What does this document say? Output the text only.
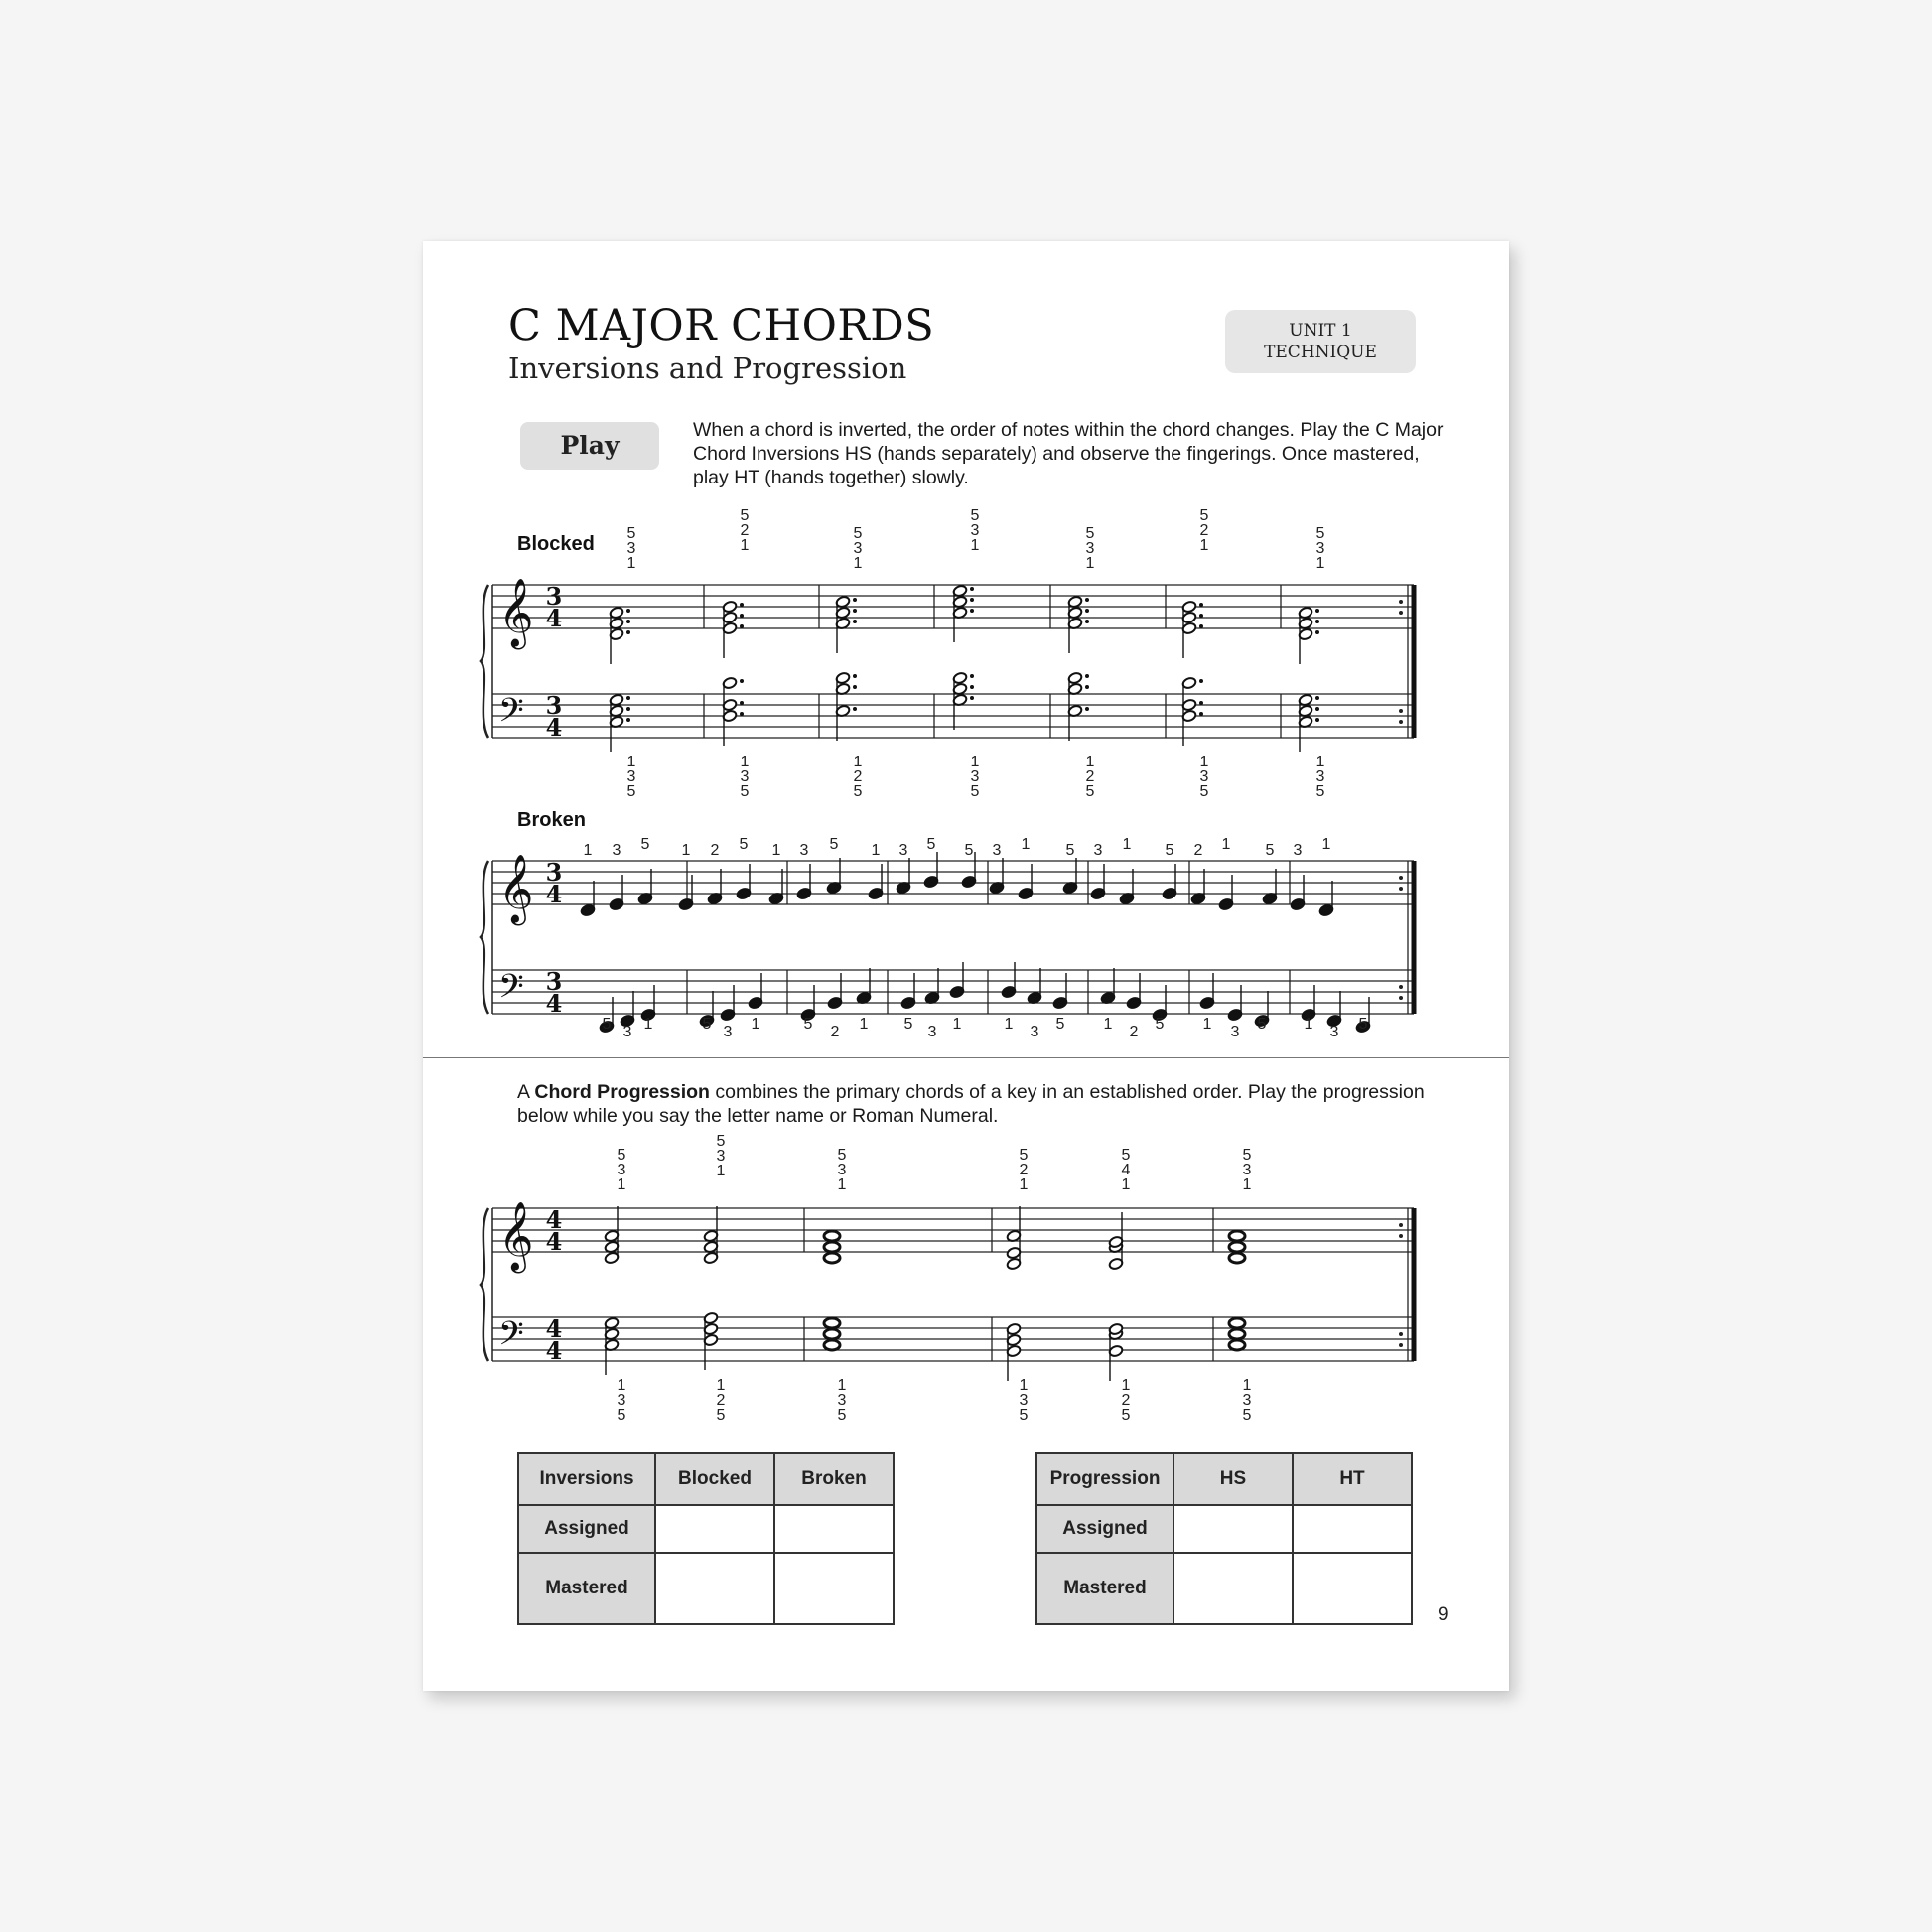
C MAJOR CHORDS
Inversions and Progression
UNIT 1
TECHNIQUE
Play
When a chord is inverted, the order of notes within the chord changes. Play the C Major Chord Inversions HS (hands separately) and observe the fingerings. Once mastered, play HT (hands together) slowly.
Blocked
Broken
𝄞
𝄢
3
4
3
4
𝄞
𝄢
3
4
3
4
𝄞
𝄢
4
4
4
4
5
3
1
1
3
5
5
2
1
1
3
5
5
3
1
1
2
5
5
3
1
1
3
5
5
3
1
1
2
5
5
2
1
1
3
5
5
3
1
1
3
5
1 3 5 1 2 5 1 3 5 1 3 5 5 3 1 5 3 1 5 2 1 5 3 1
5 3 1	5 3 1	5 2 1 5 3 1	1 3 5 1 2 5 1 3 5 1 3 5
5
3
1
1
3
5
5
3
1
1
2
5
5
3
1
1
3
5
5
2
1
1
3
5
5
4
1
1
2
5
5
3
1
1
3
5
A Chord Progression combines the primary chords of a key in an established order. Play the progression below while you say the letter name or Roman Numeral.
Inversions	Blocked	Broken
Assigned		
Mastered		
Progression	HS	HT
Assigned		
Mastered		
9
